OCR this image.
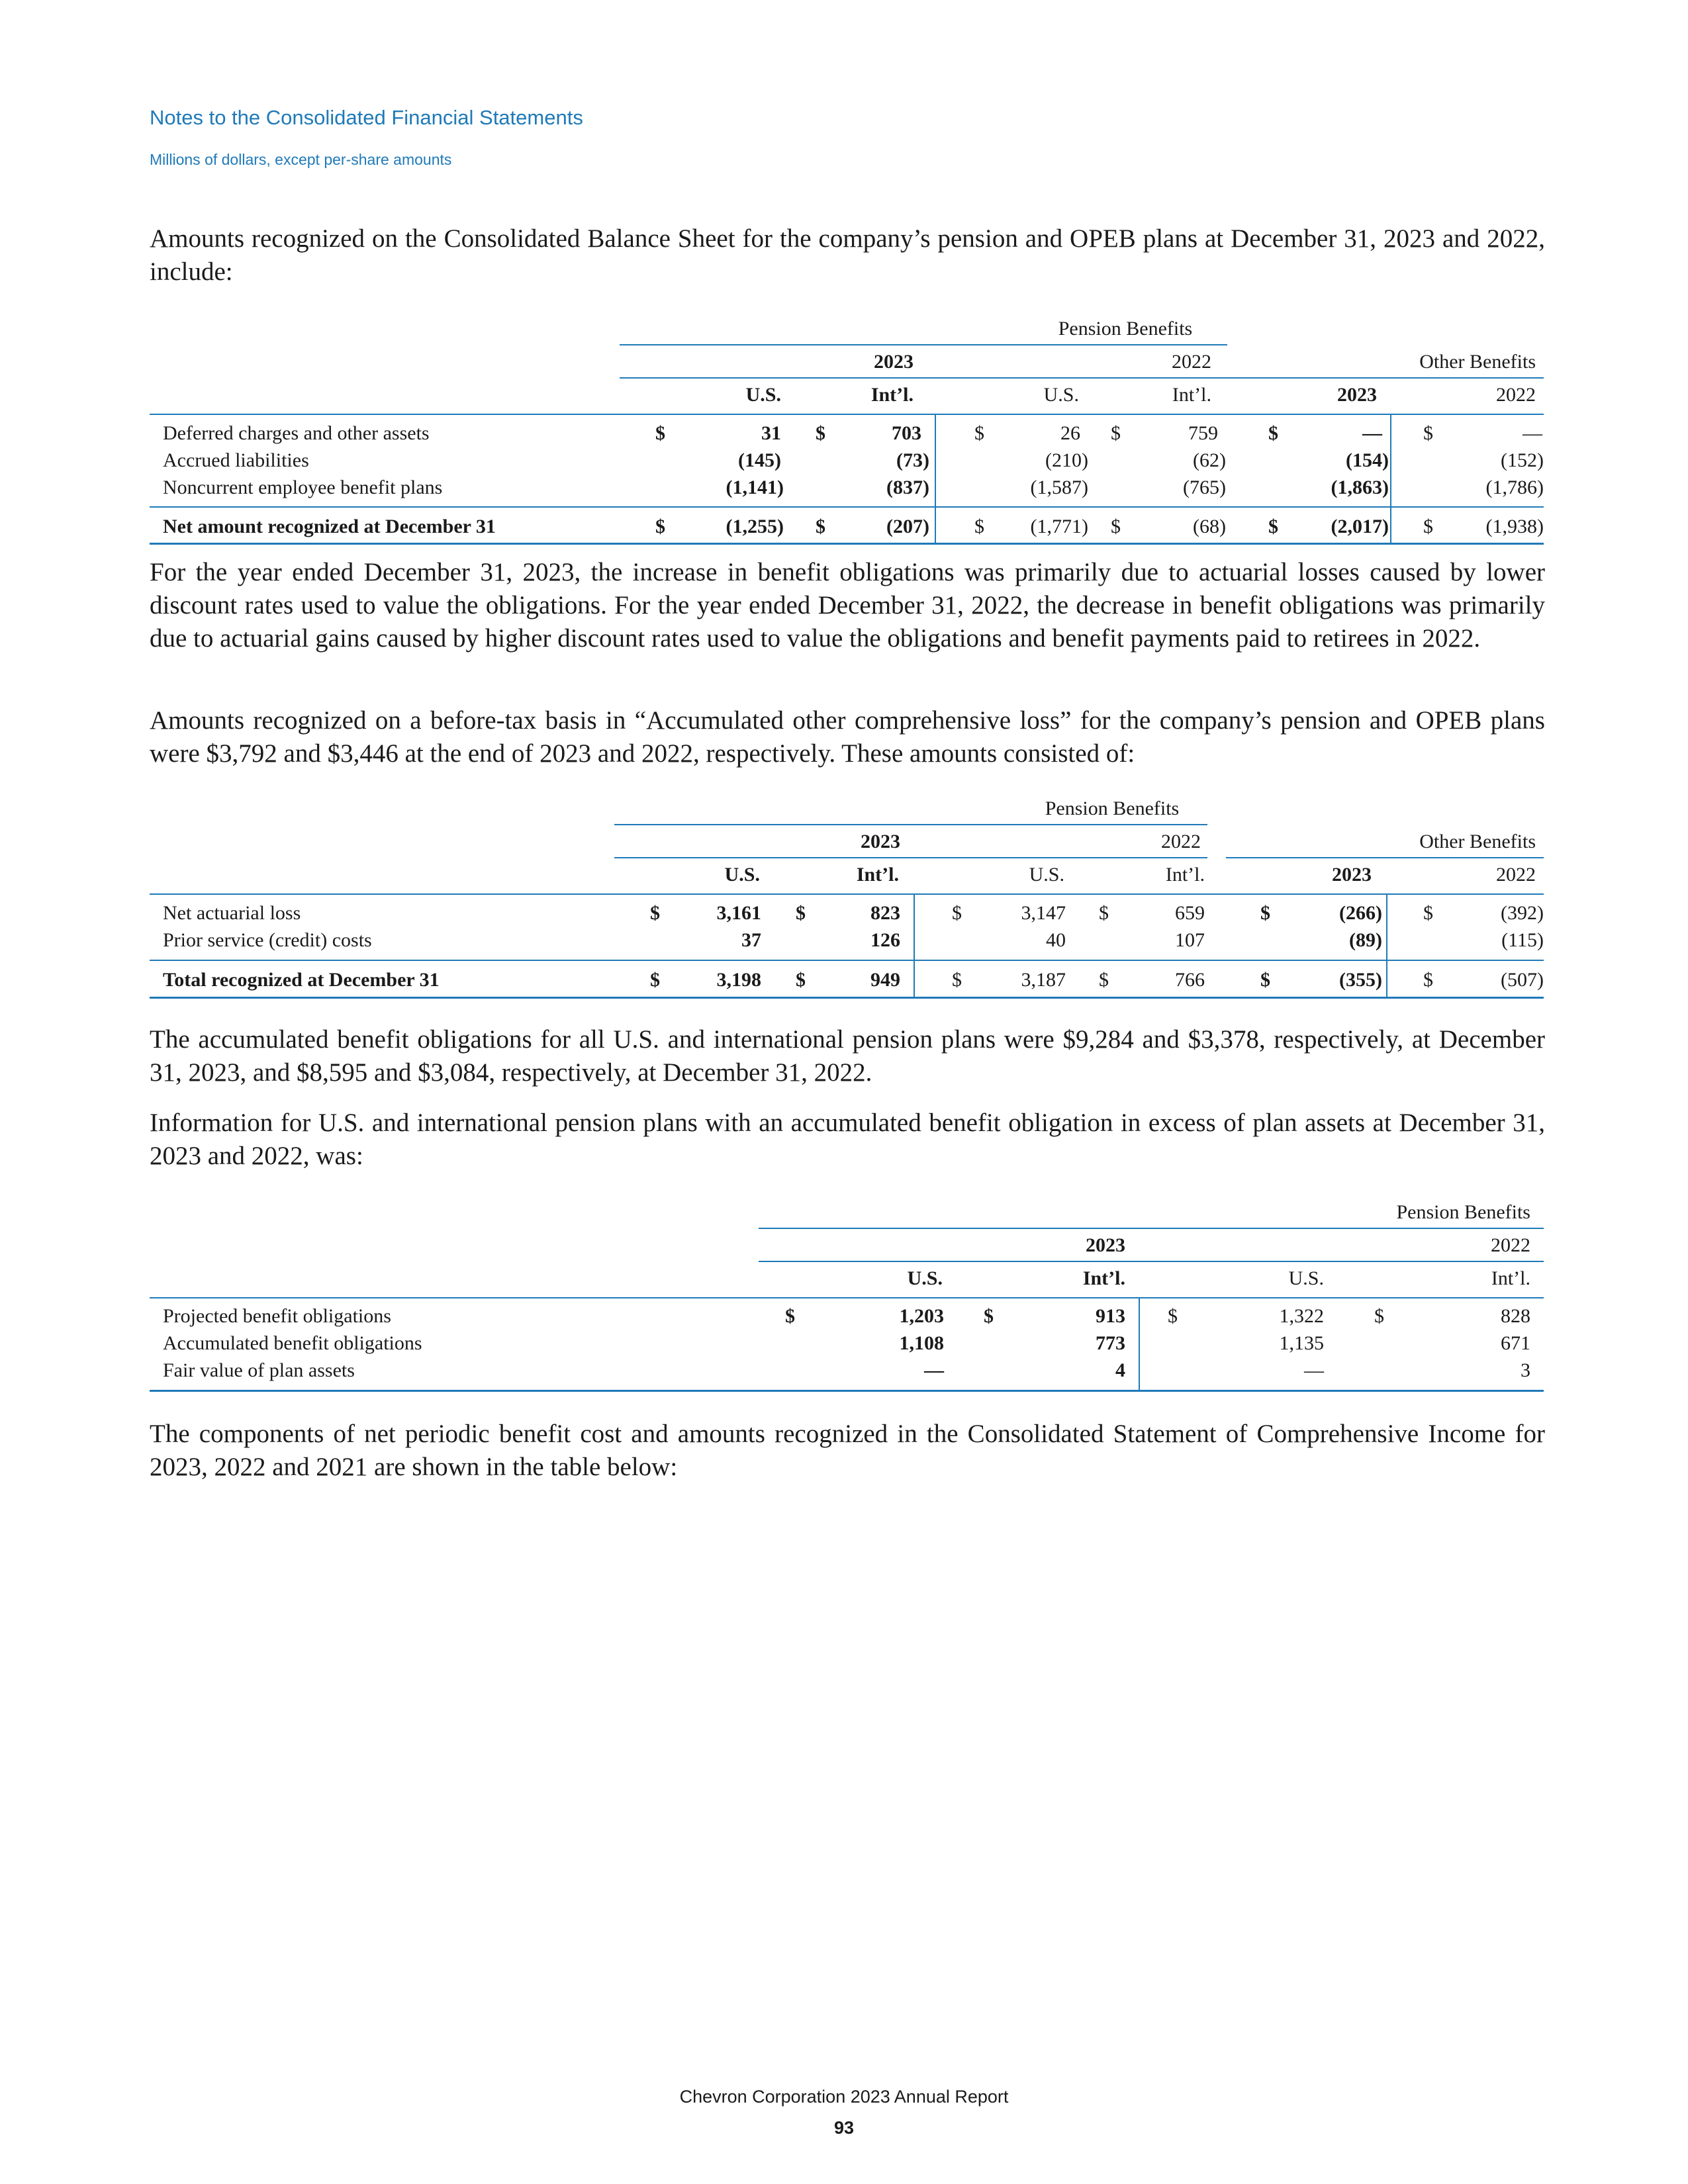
Notes to the Consolidated Financial Statements
Millions of dollars, except per-share amounts

Amounts recognized on the Consolidated Balance Sheet for the company’s pension and OPEB plans at December 31, 2023 and 2022, include:

Pension Benefits
2023	2022	Other Benefits
U.S.	Int’l.	U.S.	Int’l.	2023	2022
Deferred charges and other assets	$	31 $	703	$	26 $	759	$	— $	—
Accrued liabilities	(145)	(73)	(210)	(62)	(154)	(152)
Noncurrent employee benefit plans	(1,141)	(837)	(1,587)	(765)	(1,863)	(1,786)
Net amount recognized at December 31	$	(1,255) $	(207) $	(1,771) $	(68) $	(2,017) $	(1,938)

For the year ended December 31, 2023, the increase in benefit obligations was primarily due to actuarial losses caused by lower discount rates used to value the obligations. For the year ended December 31, 2022, the decrease in benefit obligations was primarily due to actuarial gains caused by higher discount rates used to value the obligations and benefit payments paid to retirees in 2022.

Amounts recognized on a before-tax basis in “Accumulated other comprehensive loss” for the company’s pension and OPEB plans were $3,792 and $3,446 at the end of 2023 and 2022, respectively. These amounts consisted of:

Pension Benefits
2023	2022	Other Benefits
U.S.	Int’l.	U.S.	Int’l.	2023	2022
Net actuarial loss	$	3,161 $	823	$	3,147 $	659	$	(266) $	(392)
Prior service (credit) costs	37	126	40	107	(89)	(115)
Total recognized at December 31	$	3,198 $	949	$	3,187 $	766	$	(355) $	(507)

The accumulated benefit obligations for all U.S. and international pension plans were $9,284 and $3,378, respectively, at December 31, 2023, and $8,595 and $3,084, respectively, at December 31, 2022.

Information for U.S. and international pension plans with an accumulated benefit obligation in excess of plan assets at December 31, 2023 and 2022, was:

Pension Benefits
2023	2022
U.S.	Int’l.	U.S.	Int’l.
Projected benefit obligations	$	1,203 $	913 $	1,322	$	828
Accumulated benefit obligations	1,108	773	1,135	671
Fair value of plan assets	—	4	—	3

The components of net periodic benefit cost and amounts recognized in the Consolidated Statement of Comprehensive Income for 2023, 2022 and 2021 are shown in the table below:

Chevron Corporation 2023 Annual Report
93
